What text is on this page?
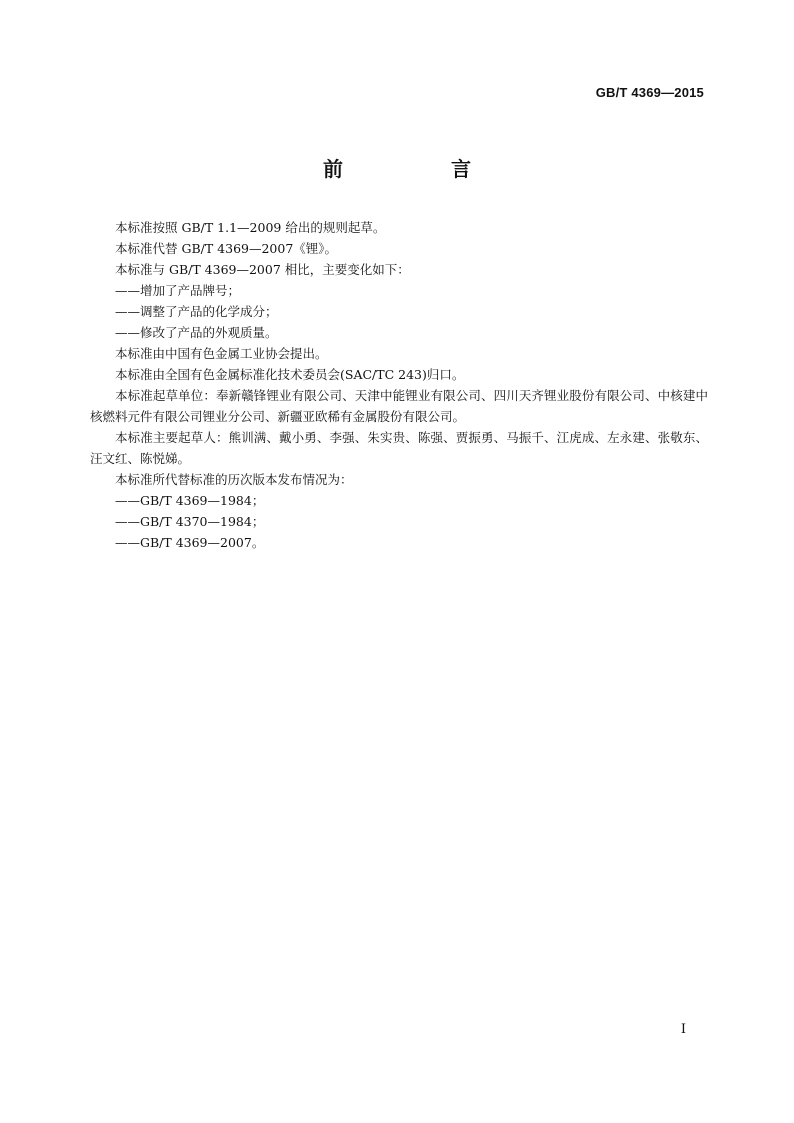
GB/T 4369—2015
前　言

本标准按照 GB/T 1.1—2009 给出的规则起草。

本标准代替 GB/T 4369—2007《锂》。

本标准与 GB/T 4369—2007 相比，主要变化如下：

——增加了产品牌号；

——调整了产品的化学成分；

——修改了产品的外观质量。

本标准由中国有色金属工业协会提出。

本标准由全国有色金属标准化技术委员会(SAC/TC 243)归口。

本标准起草单位：奉新赣锋锂业有限公司、天津中能锂业有限公司、四川天齐锂业股份有限公司、中核建中核燃料元件有限公司锂业分公司、新疆亚欧稀有金属股份有限公司。

本标准主要起草人：熊训满、戴小勇、李强、朱实贵、陈强、贾振勇、马振千、江虎成、左永建、张敬东、汪文红、陈悦娣。

本标准所代替标准的历次版本发布情况为：

——GB/T 4369—1984；

——GB/T 4370—1984；

——GB/T 4369—2007。

I
